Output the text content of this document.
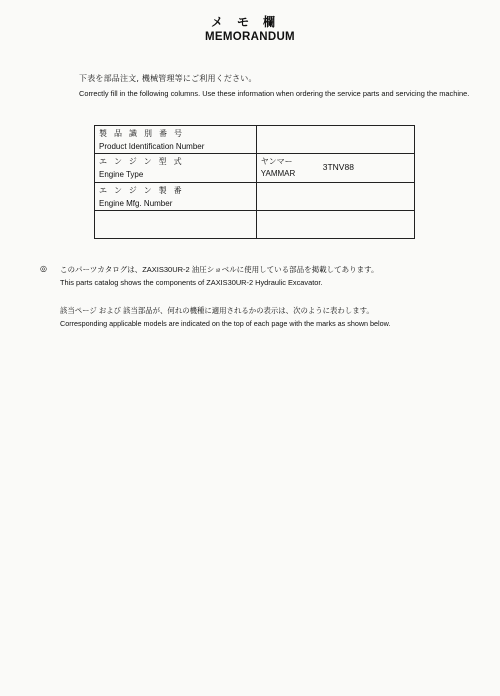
メモ欄
MEMORANDUM
下表を部品注文, 機械管理等にご利用ください。
Correctly fill in the following columns. Use these information when ordering the service parts and servicing the machine.
製品識別番号
Product Identification Number	

エンジン型式
Engine Type	ヤンマー
YAMMAR
3TNV88

エンジン製番
Engine Mfg. Number	

◎ このパーツカタログは、ZAXIS30UR-2 油圧ショベルに使用している部品を掲載してあります。
This parts catalog shows the components of ZAXIS30UR-2 Hydraulic Excavator.
該当ページ および 該当部品が、何れの機種に適用されるかの表示は、次のように表わします。
Corresponding applicable models are indicated on the top of each page with the marks as shown below.
